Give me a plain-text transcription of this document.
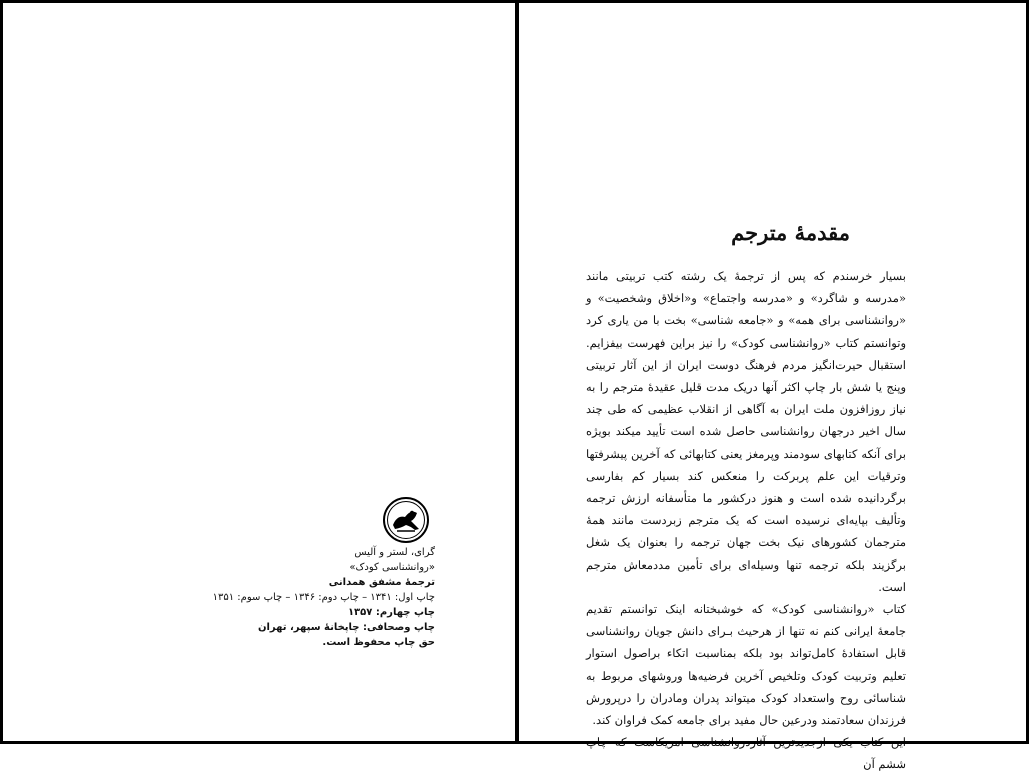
گرای، لستر و آلیس
«روانشناسی کودک»
ترجمهٔ مشفق همدانی
چاپ اول: ۱۳۴۱ – چاپ دوم: ۱۳۴۶ – چاپ سوم: ۱۳۵۱
چاپ چهارم: ۱۳۵۷
چاپ وصحافی: چاپخانهٔ سپهر، تهران
حق چاپ محفوظ است.
مقدمهٔ مترجم

بسیار خرسندم که پس از ترجمهٔ یک رشته کتب تربیتی مانند «مدرسه و شاگرد» و «مدرسه واجتماع» و«اخلاق وشخصیت» و «روانشناسی برای همه» و «جامعه شناسی» بخت با من یاری کرد وتوانستم کتاب «روانشناسی کودک» را نیز براین فهرست بیفزایم. استقبال حیرت‌انگیز مردم فرهنگ دوست ایران از این آثار تربیتی وپنج یا شش بار چاپ اکثر آنها دریک مدت قلیل عقیدهٔ مترجم را به نیاز روزافزون ملت ایران به آگاهی از انقلاب عظیمی که طی چند سال اخیر درجهان روانشناسی حاصل شده است تأیید میکند بویژه برای آنکه کتابهای سودمند وپرمغز یعنی کتابهائی که آخرین پیشرفتها وترقیات این علم پربرکت را منعکس کند بسیار کم بفارسی برگردانیده شده است و هنوز درکشور ما متأسفانه ارزش ترجمه وتألیف بپایه‌ای نرسیده است که یک مترجم زبردست مانند همهٔ مترجمان کشورهای نیک بخت جهان ترجمه را بعنوان یک شغل برگزیند بلکه ترجمه تنها وسیله‌ای برای تأمین مددمعاش مترجم است.

کتاب «روانشناسی کودک» که خوشبختانه اینک توانستم تقدیم جامعهٔ ایرانی کنم نه تنها از هرحیث بـرای دانش جویان روانشناسی قابل استفادهٔ کامل‌تواند بود بلکه بمناسبت اتکاء براصول استوار تعلیم وتربیت کودک وتلخیص آخرین فرضیه‌ها وروشهای مربوط به شناسائی روح واستعداد کودک میتواند پدران ومادران را درپرورش فرزندان سعادتمند ودرعین حال مفید برای جامعه کمک فراوان کند.

ششم آن
